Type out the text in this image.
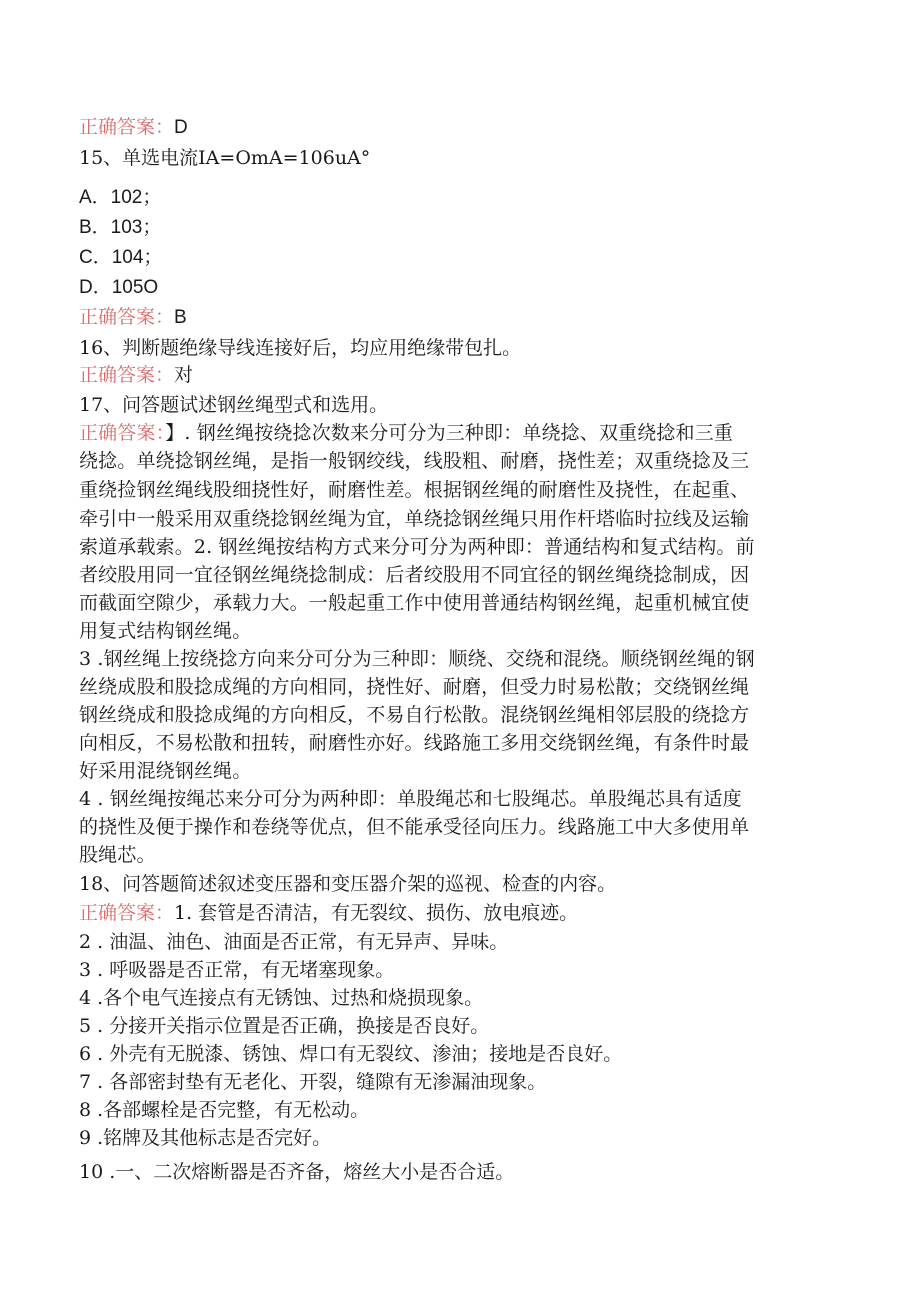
正确答案：D
15、单选电流IA=OmA=106uA°
A．102；
B．103；
C．104；
D．105O
正确答案：B
16、判断题绝缘导线连接好后，均应用绝缘带包扎。
正确答案：对
17、问答题试述钢丝绳型式和选用。
正确答案：】. 钢丝绳按绕捻次数来分可分为三种即：单绕捻、双重绕捻和三重
绕捻。单绕捻钢丝绳，是指一般钢绞线，线股粗、耐磨，挠性差；双重绕捻及三
重绕捡钢丝绳线股细挠性好，耐磨性差。根据钢丝绳的耐磨性及挠性，在起重、
牵引中一般采用双重绕捻钢丝绳为宜，单绕捻钢丝绳只用作杆塔临时拉线及运输
索道承载索。2. 钢丝绳按结构方式来分可分为两种即：普通结构和复式结构。前
者绞股用同一宜径钢丝绳绕捻制成：后者绞股用不同宜径的钢丝绳绕捻制成，因
而截面空隙少，承载力大。一般起重工作中使用普通结构钢丝绳，起重机械宜使
用复式结构钢丝绳。
3 .钢丝绳上按绕捻方向来分可分为三种即：顺绕、交绕和混绕。顺绕钢丝绳的钢
丝绕成股和股捻成绳的方向相同，挠性好、耐磨，但受力时易松散；交绕钢丝绳
钢丝绕成和股捻成绳的方向相反，不易自行松散。混绕钢丝绳相邻层股的绕捻方
向相反，不易松散和扭转，耐磨性亦好。线路施工多用交绕钢丝绳，有条件时最
好采用混绕钢丝绳。
4 . 钢丝绳按绳芯来分可分为两种即：单股绳芯和七股绳芯。单股绳芯具有适度
的挠性及便于操作和卷绕等优点，但不能承受径向压力。线路施工中大多使用单
股绳芯。
18、问答题简述叙述变压器和变压器介架的巡视、检查的内容。
正确答案：1. 套管是否清洁，有无裂纹、损伤、放电痕迹。
2 . 油温、油色、油面是否正常，有无异声、异味。
3 . 呼吸器是否正常，有无堵塞现象。
4 .各个电气连接点有无锈蚀、过热和烧损现象。
5 . 分接开关指示位置是否正确，换接是否良好。
6 . 外壳有无脱漆、锈蚀、焊口有无裂纹、渗油；接地是否良好。
7 . 各部密封垫有无老化、开裂，缝隙有无渗漏油现象。
8 .各部螺栓是否完整，有无松动。
9 .铭牌及其他标志是否完好。
10 .一、二次熔断器是否齐备，熔丝大小是否合适。
